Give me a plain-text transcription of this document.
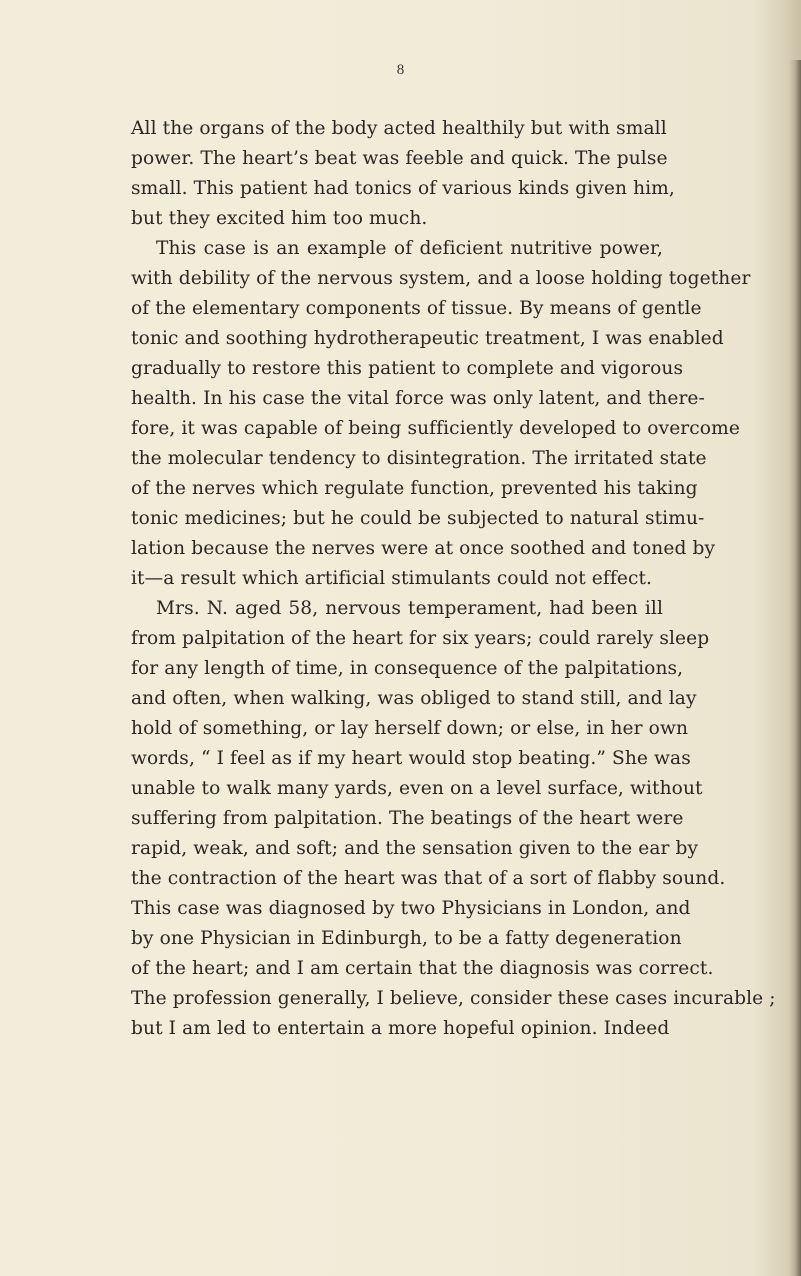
8
All the organs of the body acted healthily but with small
power. The heart’s beat was feeble and quick. The pulse
small. This patient had tonics of various kinds given him,
but they excited him too much.
This case is an example of deficient nutritive power,
with debility of the nervous system, and a loose holding together
of the elementary components of tissue. By means of gentle
tonic and soothing hydrotherapeutic treatment, I was enabled
gradually to restore this patient to complete and vigorous
health. In his case the vital force was only latent, and there-
fore, it was capable of being sufficiently developed to overcome
the molecular tendency to disintegration. The irritated state
of the nerves which regulate function, prevented his taking
tonic medicines; but he could be subjected to natural stimu-
lation because the nerves were at once soothed and toned by
it—a result which artificial stimulants could not effect.
Mrs. N. aged 58, nervous temperament, had been ill
from palpitation of the heart for six years; could rarely sleep
for any length of time, in consequence of the palpitations,
and often, when walking, was obliged to stand still, and lay
hold of something, or lay herself down; or else, in her own
words, “ I feel as if my heart would stop beating.” She was
unable to walk many yards, even on a level surface, without
suffering from palpitation. The beatings of the heart were
rapid, weak, and soft; and the sensation given to the ear by
the contraction of the heart was that of a sort of flabby sound.
This case was diagnosed by two Physicians in London, and
by one Physician in Edinburgh, to be a fatty degeneration
of the heart; and I am certain that the diagnosis was correct.
The profession generally, I believe, consider these cases incurable ;
but I am led to entertain a more hopeful opinion. Indeed
